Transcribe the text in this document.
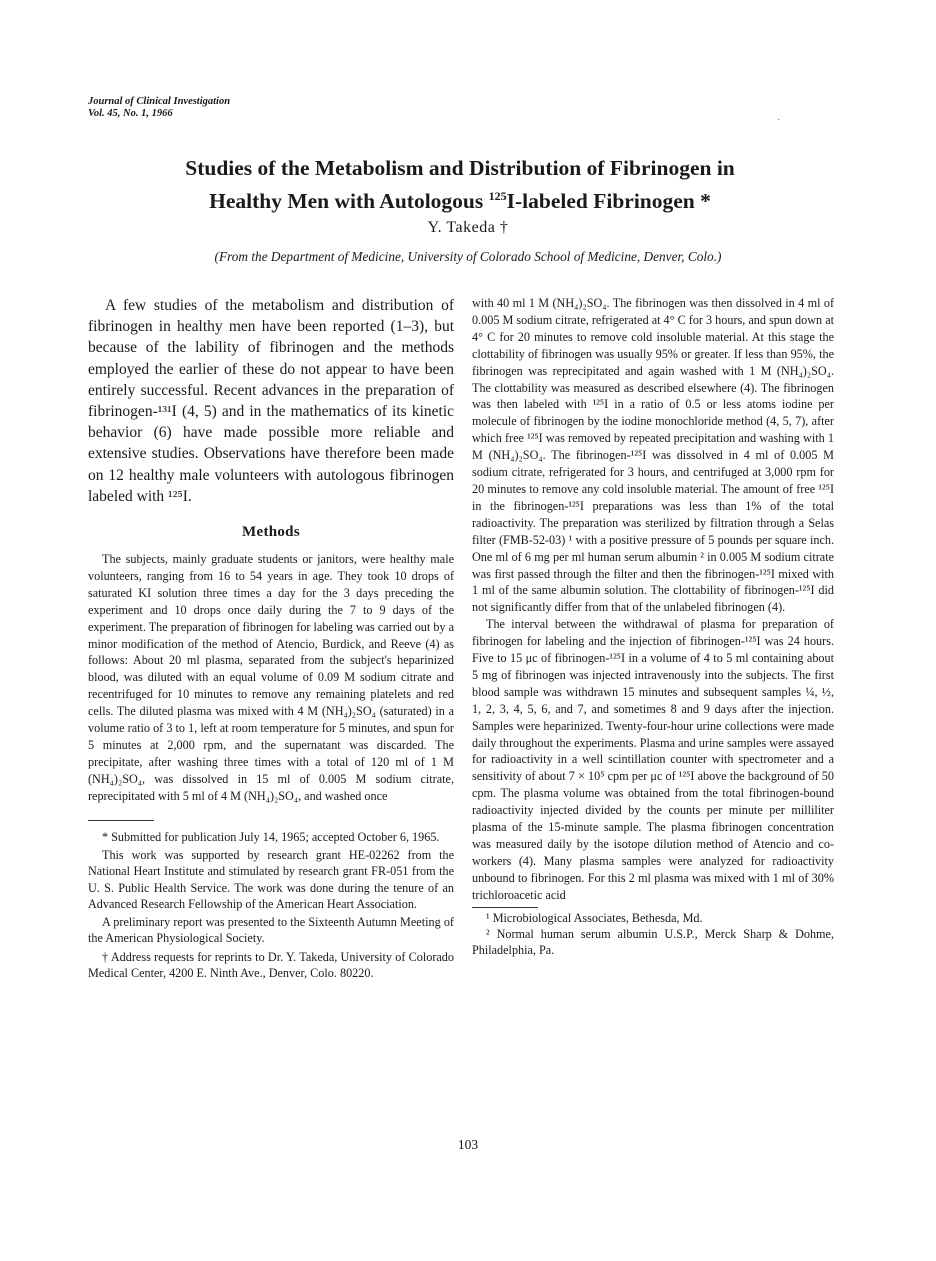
Journal of Clinical Investigation
Vol. 45, No. 1, 1966
·
Studies of the Metabolism and Distribution of Fibrinogen in
Healthy Men with Autologous $^{125}$I-labeled Fibrinogen *
Y. Takeda †
(From the Department of Medicine, University of Colorado School of Medicine, Denver, Colo.)

A few studies of the metabolism and distribution of fibrinogen in healthy men have been reported (1–3), but because of the lability of fibrinogen and the methods employed the earlier of these do not appear to have been entirely successful. Recent advances in the preparation of fibrinogen-¹³¹I (4, 5) and in the mathematics of its kinetic behavior (6) have made possible more reliable and extensive studies. Observations have therefore been made on 12 healthy male volunteers with autologous fibrinogen labeled with ¹²⁵I.

Methods

The subjects, mainly graduate students or janitors, were healthy male volunteers, ranging from 16 to 54 years in age. They took 10 drops of saturated KI solution three times a day for the 3 days preceding the experiment and 10 drops once daily during the 7 to 9 days of the experiment. The preparation of fibrinogen for labeling was carried out by a minor modification of the method of Atencio, Burdick, and Reeve (4) as follows: About 20 ml plasma, separated from the subject's heparinized blood, was diluted with an equal volume of 0.09 M sodium citrate and recentrifuged for 10 minutes to remove any remaining platelets and red cells. The diluted plasma was mixed with 4 M (NH₄)₂SO₄ (saturated) in a volume ratio of 3 to 1, left at room temperature for 5 minutes, and spun for 5 minutes at 2,000 rpm, and the supernatant was discarded. The precipitate, after washing three times with a total of 120 ml of 1 M (NH₄)₂SO₄, was dissolved in 15 ml of 0.005 M sodium citrate, reprecipitated with 5 ml of 4 M (NH₄)₂SO₄, and washed once

* Submitted for publication July 14, 1965; accepted October 6, 1965.

This work was supported by research grant HE-02262 from the National Heart Institute and stimulated by research grant FR-051 from the U. S. Public Health Service. The work was done during the tenure of an Advanced Research Fellowship of the American Heart Association.

A preliminary report was presented to the Sixteenth Autumn Meeting of the American Physiological Society.

† Address requests for reprints to Dr. Y. Takeda, University of Colorado Medical Center, 4200 E. Ninth Ave., Denver, Colo. 80220.

with 40 ml 1 M (NH₄)₂SO₄. The fibrinogen was then dissolved in 4 ml of 0.005 M sodium citrate, refrigerated at 4° C for 3 hours, and spun down at 4° C for 20 minutes to remove cold insoluble material. At this stage the clottability of fibrinogen was usually 95% or greater. If less than 95%, the fibrinogen was reprecipitated and again washed with 1 M (NH₄)₂SO₄. The clottability was measured as described elsewhere (4). The fibrinogen was then labeled with ¹²⁵I in a ratio of 0.5 or less atoms iodine per molecule of fibrinogen by the iodine monochloride method (4, 5, 7), after which free ¹²⁵I was removed by repeated precipitation and washing with 1 M (NH₄)₂SO₄. The fibrinogen-¹²⁵I was dissolved in 4 ml of 0.005 M sodium citrate, refrigerated for 3 hours, and centrifuged at 3,000 rpm for 20 minutes to remove any cold insoluble material. The amount of free ¹²⁵I in the fibrinogen-¹²⁵I preparations was less than 1% of the total radioactivity. The preparation was sterilized by filtration through a Selas filter (FMB-52-03) ¹ with a positive pressure of 5 pounds per square inch. One ml of 6 mg per ml human serum albumin ² in 0.005 M sodium citrate was first passed through the filter and then the fibrinogen-¹²⁵I mixed with 1 ml of the same albumin solution. The clottability of fibrinogen-¹²⁵I did not significantly differ from that of the unlabeled fibrinogen (4).

The interval between the withdrawal of plasma for preparation of fibrinogen for labeling and the injection of fibrinogen-¹²⁵I was 24 hours. Five to 15 μc of fibrinogen-¹²⁵I in a volume of 4 to 5 ml containing about 5 mg of fibrinogen was injected intravenously into the subjects. The first blood sample was withdrawn 15 minutes and subsequent samples ¼, ½, 1, 2, 3, 4, 5, 6, and 7, and sometimes 8 and 9 days after the injection. Samples were heparinized. Twenty-four-hour urine collections were made daily throughout the experiments. Plasma and urine samples were assayed for radioactivity in a well scintillation counter with spectrometer and a sensitivity of about 7 × 10⁵ cpm per μc of ¹²⁵I above the background of 50 cpm. The plasma volume was obtained from the total fibrinogen-bound radioactivity injected divided by the counts per minute per milliliter plasma of the 15-minute sample. The plasma fibrinogen concentration was measured daily by the isotope dilution method of Atencio and co-workers (4). Many plasma samples were analyzed for radioactivity unbound to fibrinogen. For this 2 ml plasma was mixed with 1 ml of 30% trichloroacetic acid

¹ Microbiological Associates, Bethesda, Md.

² Normal human serum albumin U.S.P., Merck Sharp & Dohme, Philadelphia, Pa.

103
